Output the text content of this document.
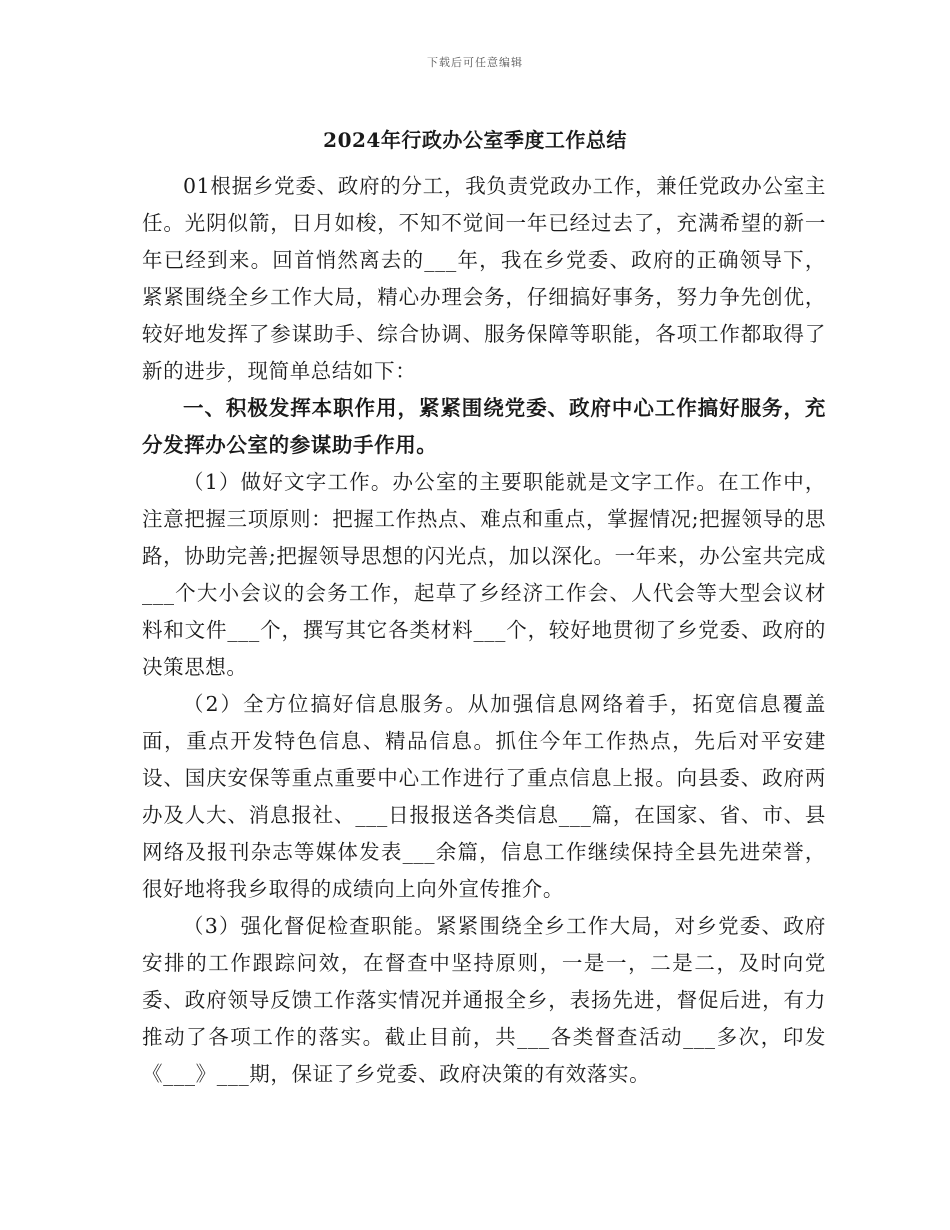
下载后可任意编辑
2024年行政办公室季度工作总结

01根据乡党委、政府的分工，我负责党政办工作，兼任党政办公室主任。光阴似箭，日月如梭，不知不觉间一年已经过去了，充满希望的新一年已经到来。回首悄然离去的___年，我在乡党委、政府的正确领导下，紧紧围绕全乡工作大局，精心办理会务，仔细搞好事务，努力争先创优，较好地发挥了参谋助手、综合协调、服务保障等职能，各项工作都取得了新的进步，现简单总结如下：

一、积极发挥本职作用，紧紧围绕党委、政府中心工作搞好服务，充分发挥办公室的参谋助手作用。

（1）做好文字工作。办公室的主要职能就是文字工作。在工作中，注意把握三项原则：把握工作热点、难点和重点，掌握情况;把握领导的思路，协助完善;把握领导思想的闪光点，加以深化。一年来，办公室共完成___个大小会议的会务工作，起草了乡经济工作会、人代会等大型会议材料和文件___个，撰写其它各类材料___个，较好地贯彻了乡党委、政府的决策思想。

（2）全方位搞好信息服务。从加强信息网络着手，拓宽信息覆盖面，重点开发特色信息、精品信息。抓住今年工作热点，先后对平安建设、国庆安保等重点重要中心工作进行了重点信息上报。向县委、政府两办及人大、消息报社、___日报报送各类信息___篇，在国家、省、市、县网络及报刊杂志等媒体发表___余篇，信息工作继续保持全县先进荣誉，很好地将我乡取得的成绩向上向外宣传推介。

（3）强化督促检查职能。紧紧围绕全乡工作大局，对乡党委、政府安排的工作跟踪问效，在督查中坚持原则，一是一，二是二，及时向党委、政府领导反馈工作落实情况并通报全乡，表扬先进，督促后进，有力推动了各项工作的落实。截止目前，共___各类督查活动___多次，印发《___》___期，保证了乡党委、政府决策的有效落实。
